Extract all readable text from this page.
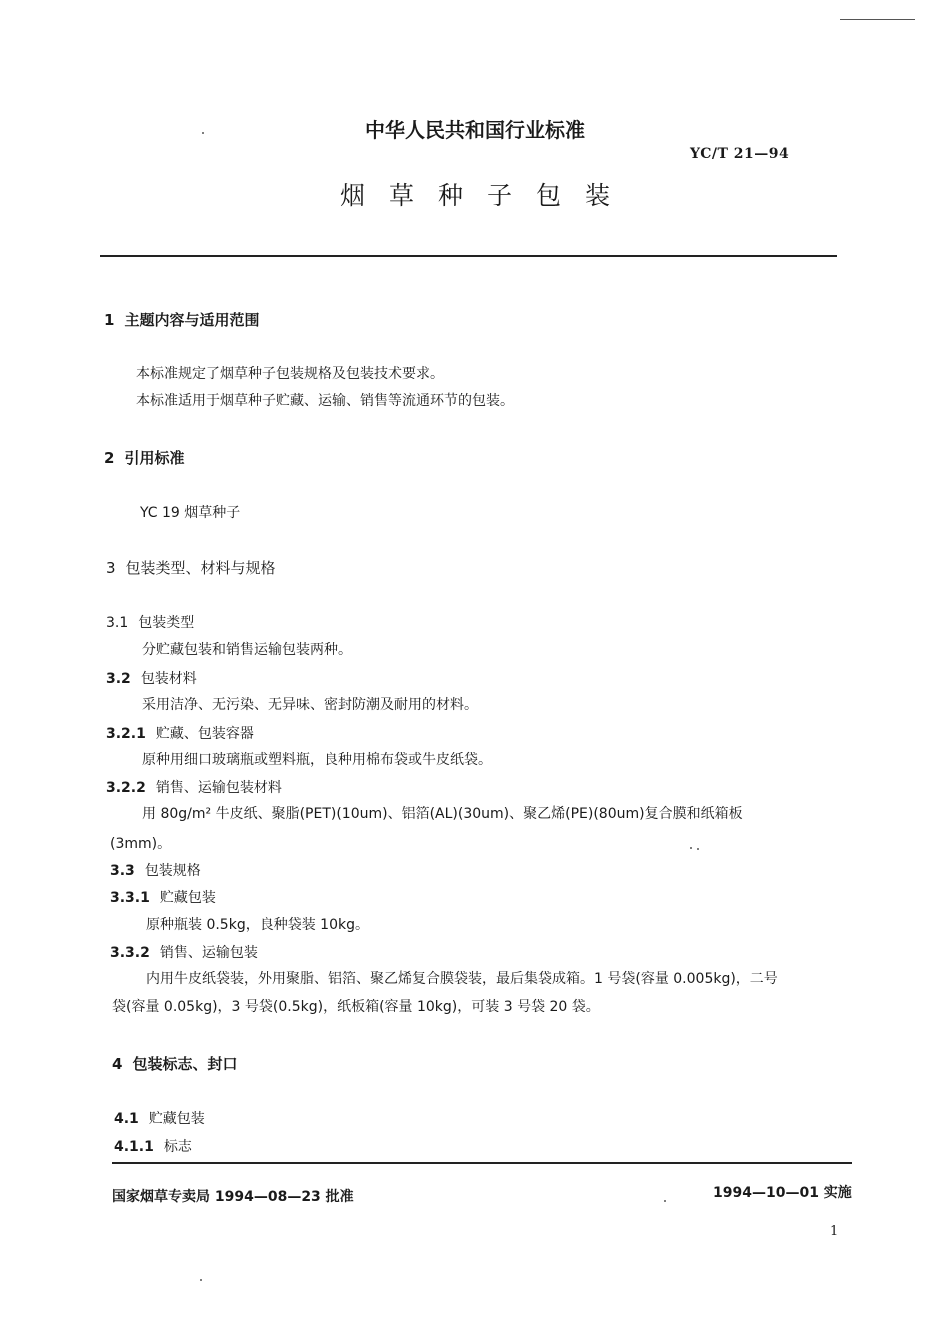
中华人民共和国行业标准
YC/T 21—94
烟草种子包装
1 主题内容与适用范围
本标准规定了烟草种子包装规格及包装技术要求。
本标准适用于烟草种子贮藏、运输、销售等流通环节的包装。
2 引用标准
YC 19 烟草种子
3 包装类型、材料与规格
3.1 包装类型
分贮藏包装和销售运输包装两种。
3.2 包装材料
采用洁净、无污染、无异味、密封防潮及耐用的材料。
3.2.1 贮藏、包装容器
原种用细口玻璃瓶或塑料瓶，良种用棉布袋或牛皮纸袋。
3.2.2 销售、运输包装材料
用 80g/m² 牛皮纸、聚脂(PET)(10um)、铝箔(AL)(30um)、聚乙烯(PE)(80um)复合膜和纸箱板
(3mm)。
3.3 包装规格
3.3.1 贮藏包装
原种瓶装 0.5kg，良种袋装 10kg。
3.3.2 销售、运输包装
内用牛皮纸袋装，外用聚脂、铝箔、聚乙烯复合膜袋装，最后集袋成箱。1 号袋(容量 0.005kg)，二号
袋(容量 0.05kg)，3 号袋(0.5kg)，纸板箱(容量 10kg)，可装 3 号袋 20 袋。
4 包装标志、封口
4.1 贮藏包装
4.1.1 标志
国家烟草专卖局 1994—08—23 批准	1994—10—01 实施
1
